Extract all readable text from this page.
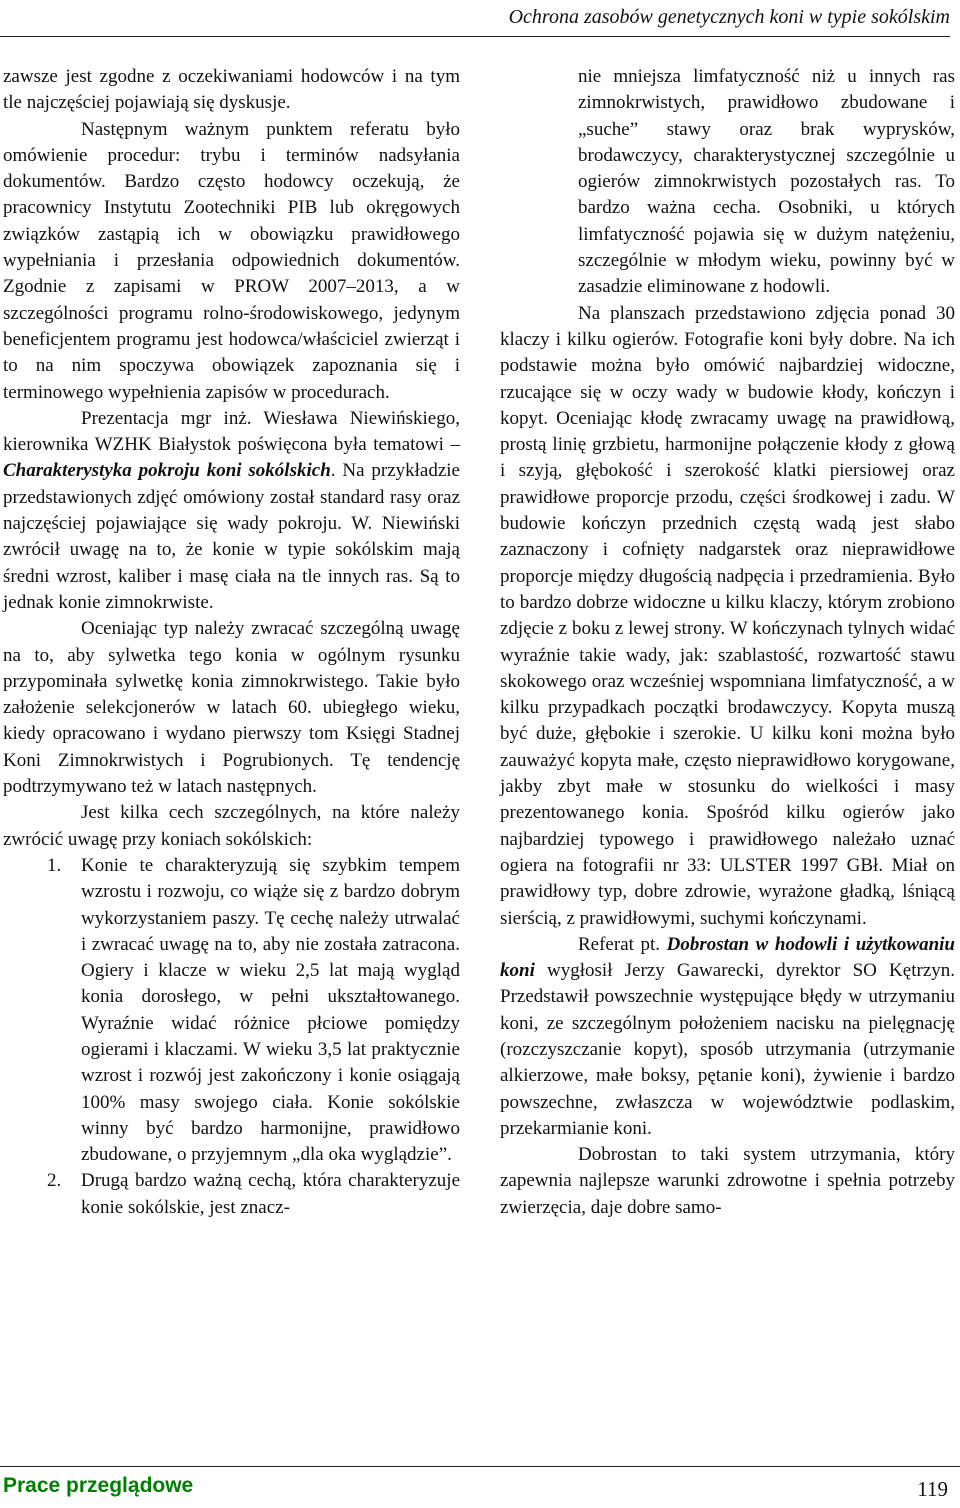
Ochrona zasobów genetycznych koni w typie sokólskim

zawsze jest zgodne z oczekiwaniami hodowców i na tym tle najczęściej pojawiają się dyskusje.

Następnym ważnym punktem referatu było omówienie procedur: trybu i terminów nadsyłania dokumentów. Bardzo często hodowcy oczekują, że pracownicy Instytutu Zootechniki PIB lub okręgowych związków zastąpią ich w obowiązku prawidłowego wypełniania i przesłania odpowiednich dokumentów. Zgodnie z zapisami w PROW 2007–2013, a w szczególności programu rolno-środowiskowego, jedynym beneficjentem programu jest hodowca/właściciel zwierząt i to na nim spoczywa obowiązek zapoznania się i terminowego wypełnienia zapisów w procedurach.

Prezentacja mgr inż. Wiesława Niewińskiego, kierownika WZHK Białystok poświęcona była tematowi – Charakterystyka pokroju koni sokólskich. Na przykładzie przedstawionych zdjęć omówiony został standard rasy oraz najczęściej pojawiające się wady pokroju. W. Niewiński zwrócił uwagę na to, że konie w typie sokólskim mają średni wzrost, kaliber i masę ciała na tle innych ras. Są to jednak konie zimnokrwiste.

Oceniając typ należy zwracać szczególną uwagę na to, aby sylwetka tego konia w ogólnym rysunku przypominała sylwetkę konia zimnokrwistego. Takie było założenie selekcjonerów w latach 60. ubiegłego wieku, kiedy opracowano i wydano pierwszy tom Księgi Stadnej Koni Zimnokrwistych i Pogrubionych. Tę tendencję podtrzymywano też w latach następnych.

Jest kilka cech szczególnych, na które należy zwrócić uwagę przy koniach sokólskich:

1. Konie te charakteryzują się szybkim tempem wzrostu i rozwoju, co wiąże się z bardzo dobrym wykorzystaniem paszy. Tę cechę należy utrwalać i zwracać uwagę na to, aby nie została zatracona. Ogiery i klacze w wieku 2,5 lat mają wygląd konia dorosłego, w pełni ukształtowanego. Wyraźnie widać różnice płciowe pomiędzy ogierami i klaczami. W wieku 3,5 lat praktycznie wzrost i rozwój jest zakończony i konie osiągają 100% masy swojego ciała. Konie sokólskie winny być bardzo harmonijne, prawidłowo zbudowane, o przyjemnym „dla oka wyglądzie”.
2. Drugą bardzo ważną cechą, która charakteryzuje konie sokólskie, jest znacz-

nie mniejsza limfatyczność niż u innych ras zimnokrwistych, prawidłowo zbudowane i „suche” stawy oraz brak wyprysków, brodawczycy, charakterystycznej szczególnie u ogierów zimnokrwistych pozostałych ras. To bardzo ważna cecha. Osobniki, u których limfatyczność pojawia się w dużym natężeniu, szczególnie w młodym wieku, powinny być w zasadzie eliminowane z hodowli.

Na planszach przedstawiono zdjęcia ponad 30 klaczy i kilku ogierów. Fotografie koni były dobre. Na ich podstawie można było omówić najbardziej widoczne, rzucające się w oczy wady w budowie kłody, kończyn i kopyt. Oceniając kłodę zwracamy uwagę na prawidłową, prostą linię grzbietu, harmonijne połączenie kłody z głową i szyją, głębokość i szerokość klatki piersiowej oraz prawidłowe proporcje przodu, części środkowej i zadu. W budowie kończyn przednich częstą wadą jest słabo zaznaczony i cofnięty nadgarstek oraz nieprawidłowe proporcje między długością nadpęcia i przedramienia. Było to bardzo dobrze widoczne u kilku klaczy, którym zrobiono zdjęcie z boku z lewej strony. W kończynach tylnych widać wyraźnie takie wady, jak: szablastość, rozwartość stawu skokowego oraz wcześniej wspomniana limfatyczność, a w kilku przypadkach początki brodawczycy. Kopyta muszą być duże, głębokie i szerokie. U kilku koni można było zauważyć kopyta małe, często nieprawidłowo korygowane, jakby zbyt małe w stosunku do wielkości i masy prezentowanego konia. Spośród kilku ogierów jako najbardziej typowego i prawidłowego należało uznać ogiera na fotografii nr 33: ULSTER 1997 GBł. Miał on prawidłowy typ, dobre zdrowie, wyrażone gładką, lśniącą sierścią, z prawidłowymi, suchymi kończynami.

Referat pt. Dobrostan w hodowli i użytkowaniu koni wygłosił Jerzy Gawarecki, dyrektor SO Kętrzyn. Przedstawił powszechnie występujące błędy w utrzymaniu koni, ze szczególnym położeniem nacisku na pielęgnację (rozczyszczanie kopyt), sposób utrzymania (utrzymanie alkierzowe, małe boksy, pętanie koni), żywienie i bardzo powszechne, zwłaszcza w województwie podlaskim, przekarmianie koni.

Dobrostan to taki system utrzymania, który zapewnia najlepsze warunki zdrowotne i spełnia potrzeby zwierzęcia, daje dobre samo-

Prace przeglądowe	119
